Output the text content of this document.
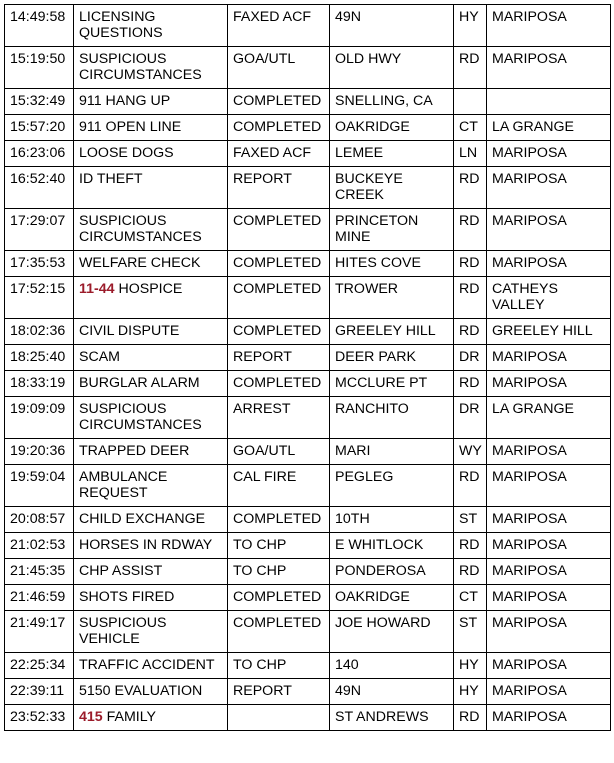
14:49:58	LICENSING QUESTIONS	FAXED ACF	49N	HY	MARIPOSA
15:19:50	SUSPICIOUS CIRCUMSTANCES	GOA/UTL	OLD HWY	RD	MARIPOSA
15:32:49	911 HANG UP	COMPLETED	SNELLING, CA		
15:57:20	911 OPEN LINE	COMPLETED	OAKRIDGE	CT	LA GRANGE
16:23:06	LOOSE DOGS	FAXED ACF	LEMEE	LN	MARIPOSA
16:52:40	ID THEFT	REPORT	BUCKEYE CREEK	RD	MARIPOSA
17:29:07	SUSPICIOUS CIRCUMSTANCES	COMPLETED	PRINCETON MINE	RD	MARIPOSA
17:35:53	WELFARE CHECK	COMPLETED	HITES COVE	RD	MARIPOSA
17:52:15	11-44 HOSPICE	COMPLETED	TROWER	RD	CATHEYS VALLEY
18:02:36	CIVIL DISPUTE	COMPLETED	GREELEY HILL	RD	GREELEY HILL
18:25:40	SCAM	REPORT	DEER PARK	DR	MARIPOSA
18:33:19	BURGLAR ALARM	COMPLETED	MCCLURE PT	RD	MARIPOSA
19:09:09	SUSPICIOUS CIRCUMSTANCES	ARREST	RANCHITO	DR	LA GRANGE
19:20:36	TRAPPED DEER	GOA/UTL	MARI	WY	MARIPOSA
19:59:04	AMBULANCE REQUEST	CAL FIRE	PEGLEG	RD	MARIPOSA
20:08:57	CHILD EXCHANGE	COMPLETED	10TH	ST	MARIPOSA
21:02:53	HORSES IN RDWAY	TO CHP	E WHITLOCK	RD	MARIPOSA
21:45:35	CHP ASSIST	TO CHP	PONDEROSA	RD	MARIPOSA
21:46:59	SHOTS FIRED	COMPLETED	OAKRIDGE	CT	MARIPOSA
21:49:17	SUSPICIOUS VEHICLE	COMPLETED	JOE HOWARD	ST	MARIPOSA
22:25:34	TRAFFIC ACCIDENT	TO CHP	140	HY	MARIPOSA
22:39:11	5150 EVALUATION	REPORT	49N	HY	MARIPOSA
23:52:33	415 FAMILY		ST ANDREWS	RD	MARIPOSA
